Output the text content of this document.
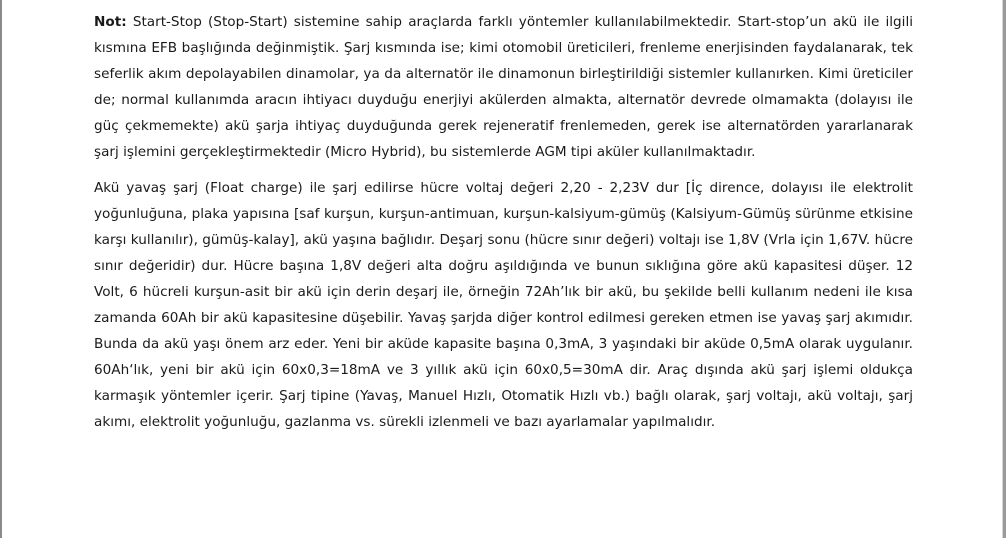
Not: Start-Stop (Stop-Start) sistemine sahip araçlarda farklı yöntemler kullanılabilmektedir. Start-stop’un akü ile ilgili kısmına EFB başlığında değinmiştik. Şarj kısmında ise; kimi otomobil üreticileri, frenleme enerjisinden faydalanarak, tek seferlik akım depolayabilen dinamolar, ya da alternatör ile dinamonun birleştirildiği sistemler kullanırken. Kimi üreticiler de; normal kullanımda aracın ihtiyacı duyduğu enerjiyi akülerden almakta, alternatör devrede olmamakta (dolayısı ile güç çekmemekte) akü şarja ihtiyaç duyduğunda gerek rejeneratif frenlemeden, gerek ise alternatörden yararlanarak şarj işlemini gerçekleştirmektedir (Micro Hybrid), bu sistemlerde AGM tipi aküler kullanılmaktadır.

Akü yavaş şarj (Float charge) ile şarj edilirse hücre voltaj değeri 2,20 - 2,23V dur [İç dirence, dolayısı ile elektrolit yoğunluğuna, plaka yapısına [saf kurşun, kurşun-antimuan, kurşun-kalsiyum-gümüş (Kalsiyum-Gümüş sürünme etkisine karşı kullanılır), gümüş-kalay], akü yaşına bağlıdır. Deşarj sonu (hücre sınır değeri) voltajı ise 1,8V (Vrla için 1,67V. hücre sınır değeridir) dur. Hücre başına 1,8V değeri alta doğru aşıldığında ve bunun sıklığına göre akü kapasitesi düşer. 12 Volt, 6 hücreli kurşun-asit bir akü için derin deşarj ile, örneğin 72Ah’lık bir akü, bu şekilde belli kullanım nedeni ile kısa zamanda 60Ah bir akü kapasitesine düşebilir. Yavaş şarjda diğer kontrol edilmesi gereken etmen ise yavaş şarj akımıdır. Bunda da akü yaşı önem arz eder. Yeni bir aküde kapasite başına 0,3mA, 3 yaşındaki bir aküde 0,5mA olarak uygulanır. 60Ah‘lık, yeni bir akü için 60x0,3=18mA ve 3 yıllık akü için 60x0,5=30mA dir. Araç dışında akü şarj işlemi oldukça karmaşık yöntemler içerir. Şarj tipine (Yavaş, Manuel Hızlı, Otomatik Hızlı vb.) bağlı olarak, şarj voltajı, akü voltajı, şarj akımı, elektrolit yoğunluğu, gazlanma vs. sürekli izlenmeli ve bazı ayarlamalar yapılmalıdır.
